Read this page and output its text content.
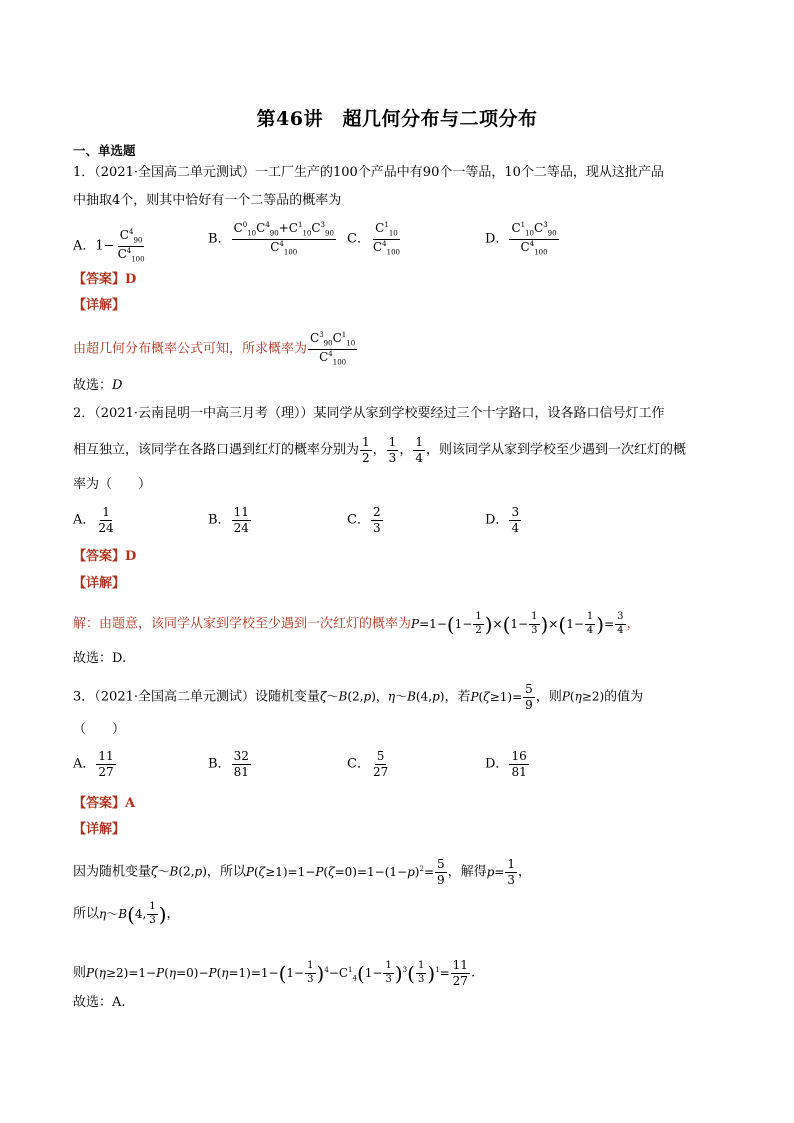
第46讲　超几何分布与二项分布
一、单选题
1．（2021·全国高二单元测试）一工厂生产的100个产品中有90个一等品，10个二等品，现从这批产品
中抽取4个，则其中恰好有一个二等品的概率为
A．$1- \frac{C^4_{90}}{C^4_{100}}$	B． $\frac{C^0_{10}C^4_{90}+C^1_{10}C^3_{90}}{C^4_{100}}$ C． $\frac{C^1_{10}}{C^4_{100}}$	D． $\frac{C^1_{10}C^3_{90}}{C^4_{100}}$
【答案】D
【详解】
由超几何分布概率公式可知，所求概率为 $\frac{C^3_{90}C^1_{10}}{C^4_{100}}$
故选：D
2．（2021·云南昆明一中高三月考（理））某同学从家到学校要经过三个十字路口，设各路口信号灯工作
相互独立，该同学在各路口遇到红灯的概率分别为 $\frac{1}{2}$ ， $\frac{1}{3}$ ， $\frac{1}{4}$ ，则该同学从家到学校至少遇到一次红灯的概
率为（　　）
A． $\frac{1}{24}$	B． $\frac{11}{24}$	C． $\frac{2}{3}$	D． $\frac{3}{4}$
【答案】D
【详解】
解：由题意，该同学从家到学校至少遇到一次红灯的概率为$P=1-(1- \frac{1}{2} )\times(1- \frac{1}{3} )\times(1- \frac{1}{4}$ )= $\frac{3}{4}$ ，
故选：D.
3．（2021·全国高二单元测试）设随机变量ζ～B(2,p)，η～B(4,p)，若$P(\zeta\ge 1)= \frac{5}{9}$ ，则P(η≥2)的值为
（　　）
A． $\frac{11}{27}$	B． $\frac{32}{81}$	C． $\frac{5}{27}$	D． $\frac{16}{81}$
【答案】A
【详解】
因为随机变量ζ～B(2,p)，所以$P(\zeta\ge 1)=1-P(\zeta=0)=1-(1-p)^2= \frac{5}{9}$ ，解得$p= \frac{1}{3}$ ，
所以η～B(4, $\frac{1}{3}$ )，
则$P(\eta\ge 2)=1-P(\eta=0)-P(\eta=1)=1-(1- \frac{1}{3} )^4-C^1_4(1- \frac{1}{3} )^3( \frac{1}{3} )^1= \frac{11}{27}$ .
故选：A.
